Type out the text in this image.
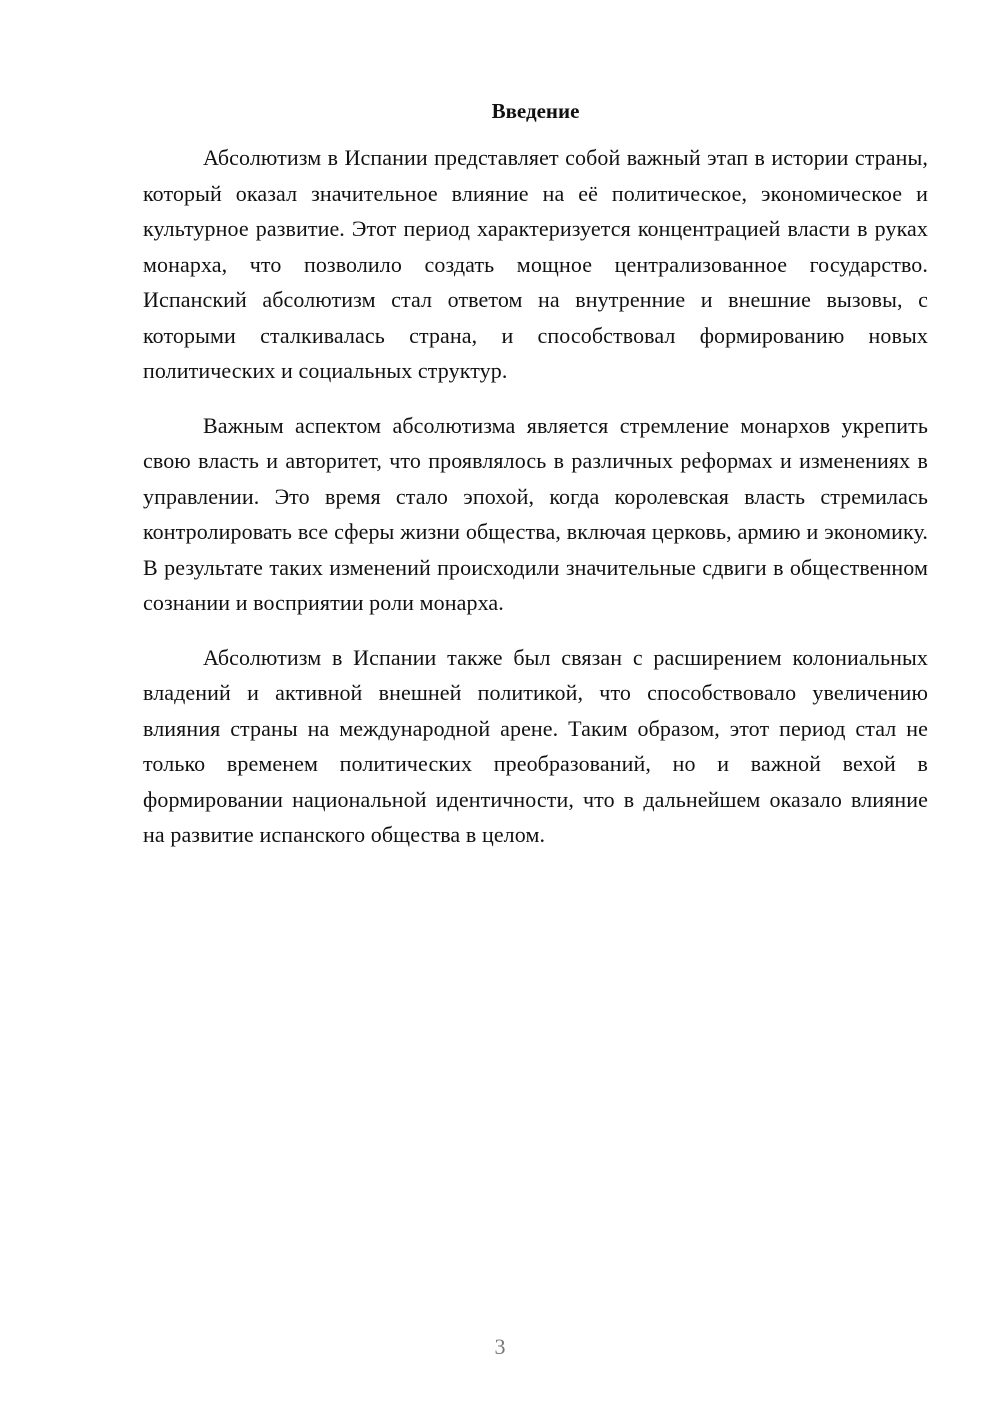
Введение

Абсолютизм в Испании представляет собой важный этап в истории страны, который оказал значительное влияние на её политическое, экономическое и культурное развитие. Этот период характеризуется концентрацией власти в руках монарха, что позволило создать мощное централизованное государство. Испанский абсолютизм стал ответом на внутренние и внешние вызовы, с которыми сталкивалась страна, и способствовал формированию новых политических и социальных структур.

Важным аспектом абсолютизма является стремление монархов укрепить свою власть и авторитет, что проявлялось в различных реформах и изменениях в управлении. Это время стало эпохой, когда королевская власть стремилась контролировать все сферы жизни общества, включая церковь, армию и экономику. В результате таких изменений происходили значительные сдвиги в общественном сознании и восприятии роли монарха.

Абсолютизм в Испании также был связан с расширением колониальных владений и активной внешней политикой, что способствовало увеличению влияния страны на международной арене. Таким образом, этот период стал не только временем политических преобразований, но и важной вехой в формировании национальной идентичности, что в дальнейшем оказало влияние на развитие испанского общества в целом.

3
